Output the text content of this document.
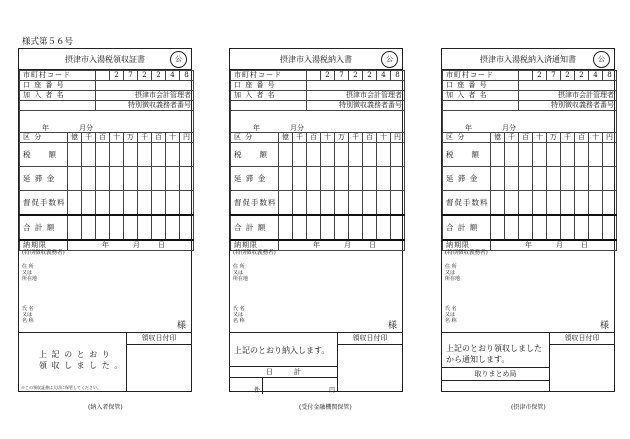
様式第５６号
摂津市入湯税領収証書	公
市町村コード				2	7	2	2	4	8
口 座 番 号									
加 入 者 名			摂津市会計管理者						
			特別徴収義務者番号						
年 月分									
区 分	億	千	百	十	万	千	百	十	円
税　　額									
延 滞 金									
督促手数料									
合 計 額									
納期限	年 月 日								
(特別徴収義務者)
住 所
又は
所在地
氏 名
又は
名 称	様
領収日付印
上 記 の と お り
領 収 し ま し た 。
※この領収証書は大切に保管してください。
(納入者保管)
摂津市入湯税納入書	公
市町村コード				2	7	2	2	4	8
口 座 番 号									
加 入 者 名			摂津市会計管理者						
			特別徴収義務者番号						
年 月分									
区 分	億	千	百	十	万	千	百	十	円
税　　額									
延 滞 金									
督促手数料									
合 計 額									
納期限	年 月 日								
(特別徴収義務者)
住 所
又は
所在地
氏 名
又は
名 称	様
領収日付印
上記のとおり納入します。
日　　　計
件	円
(受付金融機関保管)
摂津市入湯税納入済通知書	公
市町村コード				2	7	2	2	4	8
口 座 番 号									
加 入 者 名			摂津市会計管理者						
			特別徴収義務者番号						
年 月分									
区 分	億	千	百	十	万	千	百	十	円
税　　額									
延 滞 金									
督促手数料									
合 計 額									
納期限	年 月 日								
(特別徴収義務者)
住 所
又は
所在地
氏 名
又は
名 称	様
領収日付印
上記のとおり領収しました
から通知します。
取りまとめ局
(摂津市保管)
